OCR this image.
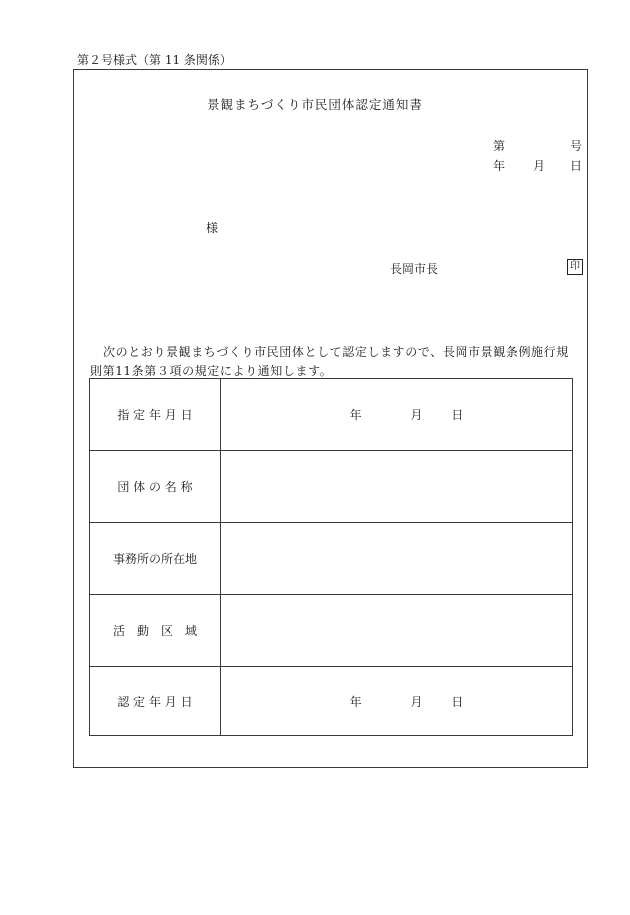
第２号様式（第 11 条関係）
景観まちづくり市民団体認定通知書
第	号
年 月 日
様
長岡市長	印
次のとおり景観まちづくり市民団体として認定しますので、長岡市景観条例施行規
則第11条第３項の規定により通知します。
指 定 年 月 日	年 月 日
団 体 の 名 称	
事務所の所在地	
活　動　区　域	
認 定 年 月 日	年 月 日
